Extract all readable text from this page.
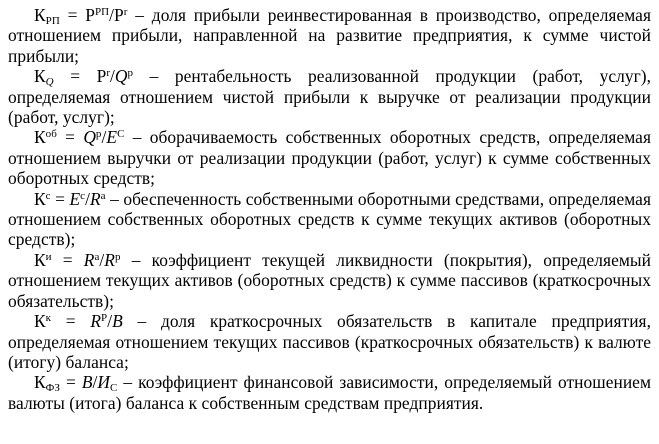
$К_{РП} = Р^{РП}/Р^r$ – доля прибыли реинвестированная в производство, определяемая отношением прибыли, направленной на развитие предприятия, к сумме чистой прибыли;

$К_Q = Р^r/Q^р$ – рентабельность реализованной продукции (работ, услуг), определяемая отношением чистой прибыли к выручке от реализации продукции (работ, услуг);

$К^{об} = Q^р/Е^С$ – оборачиваемость собственных оборотных средств, определяемая отношением выручки от реализации продукции (работ, услуг) к сумме собственных оборотных средств;

$К^с = Е^с/R^а$ – обеспеченность собственными оборотными средствами, определяемая отношением собственных оборотных средств к сумме текущих активов (оборотных средств);

$К^и = R^а/R^р$ – коэффициент текущей ликвидности (покрытия), определяемый отношением текущих активов (оборотных средств) к сумме пассивов (краткосрочных обязательств);

$К^к = R^Р/В$ – доля краткосрочных обязательств в капитале предприятия, определяемая отношением текущих пассивов (краткосрочных обязательств) к валюте (итогу) баланса;

$К_{ФЗ} = В/И_С$ – коэффициент финансовой зависимости, определяемый отношением валюты (итога) баланса к собственным средствам предприятия.
